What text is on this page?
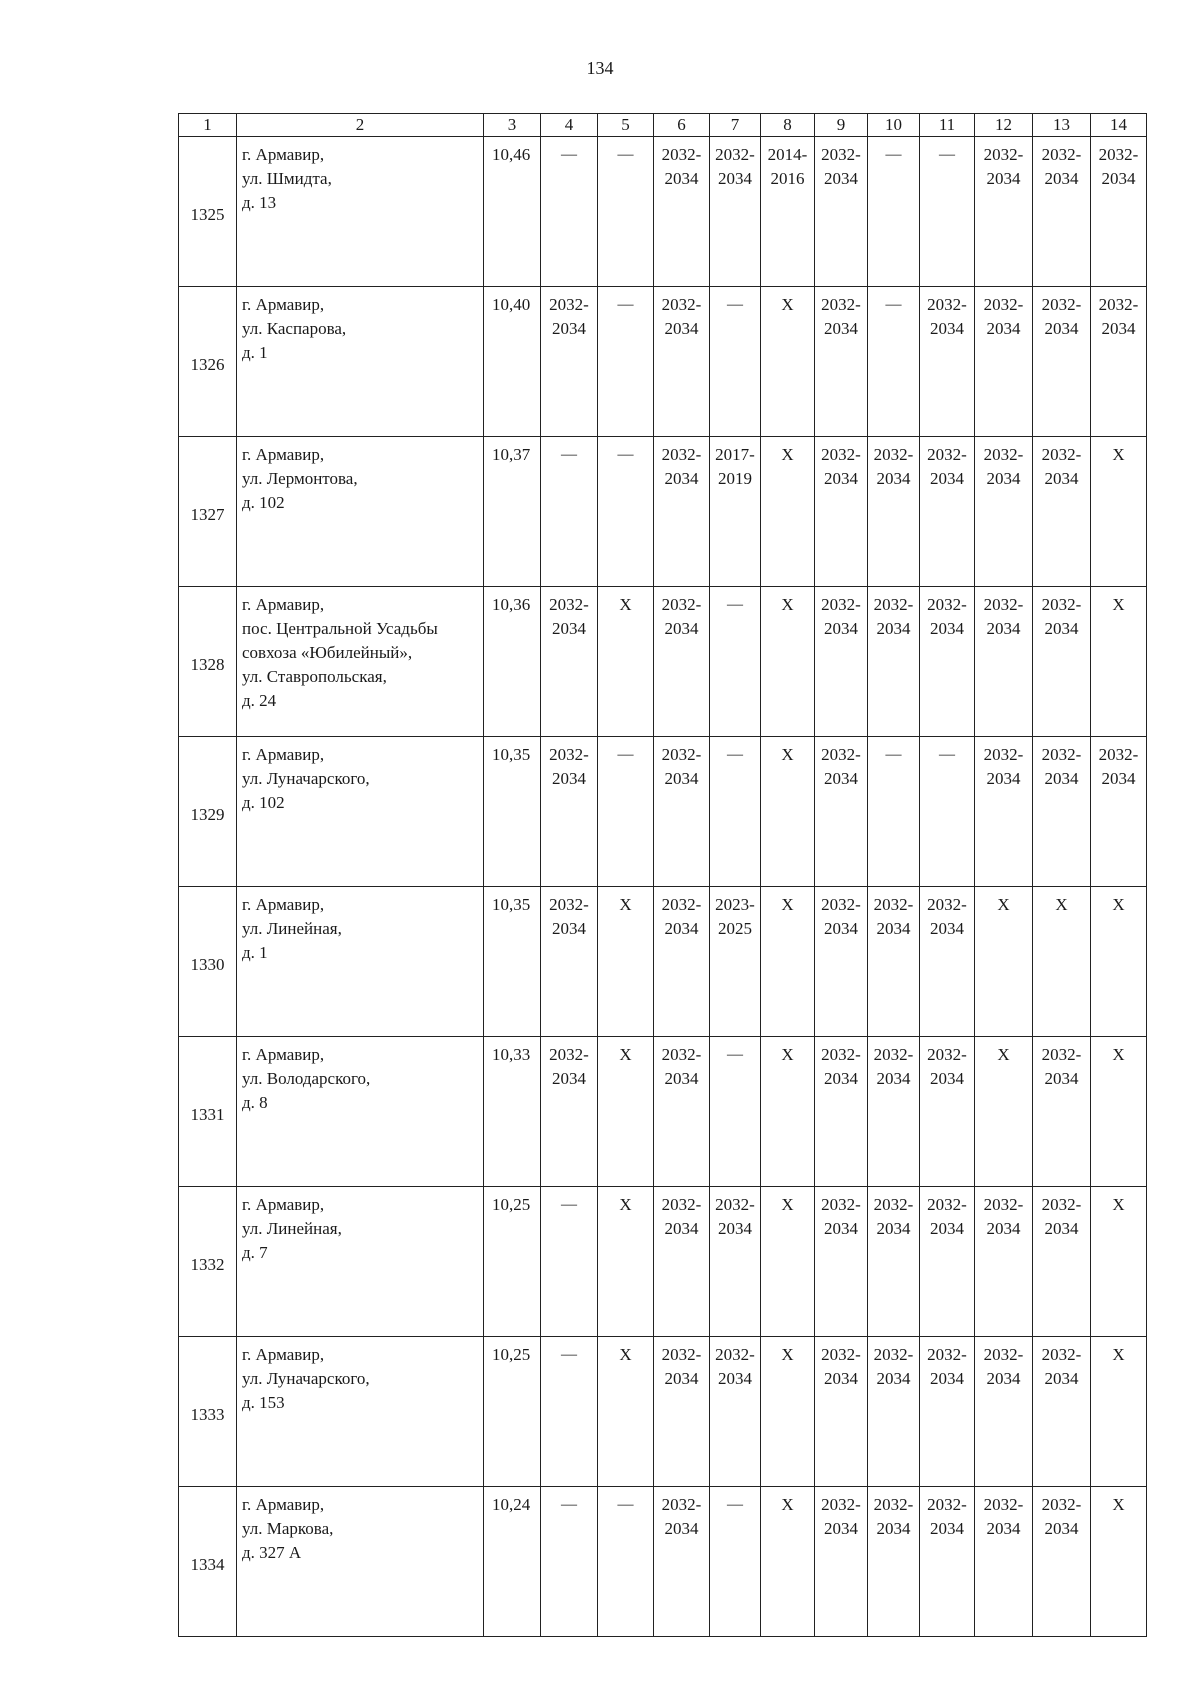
134
1	2	3	4	5	6	7	8	9	10	11	12	13	14
1325	г. Армавир,
ул. Шмидта,
д. 13	10,46	—	—	2032-
2034	2032-
2034	2014-
2016	2032-
2034	—	—	2032-
2034	2032-
2034	2032-
2034

1326	г. Армавир,
ул. Каспарова,
д. 1	10,40	2032-
2034	—	2032-
2034	—	Х	2032-
2034	—	2032-
2034	2032-
2034	2032-
2034	2032-
2034

1327	г. Армавир,
ул. Лермонтова,
д. 102	10,37	—	—	2032-
2034	2017-
2019	Х	2032-
2034	2032-
2034	2032-
2034	2032-
2034	2032-
2034	Х

1328	г. Армавир,
пос. Центральной Усадьбы
совхоза «Юбилейный»,
ул. Ставропольская,
д. 24	10,36	2032-
2034	Х	2032-
2034	—	Х	2032-
2034	2032-
2034	2032-
2034	2032-
2034	2032-
2034	Х

1329	г. Армавир,
ул. Луначарского,
д. 102	10,35	2032-
2034	—	2032-
2034	—	Х	2032-
2034	—	—	2032-
2034	2032-
2034	2032-
2034

1330	г. Армавир,
ул. Линейная,
д. 1	10,35	2032-
2034	Х	2032-
2034	2023-
2025	Х	2032-
2034	2032-
2034	2032-
2034	Х	Х	Х

1331	г. Армавир,
ул. Володарского,
д. 8	10,33	2032-
2034	Х	2032-
2034	—	Х	2032-
2034	2032-
2034	2032-
2034	Х	2032-
2034	Х

1332	г. Армавир,
ул. Линейная,
д. 7	10,25	—	Х	2032-
2034	2032-
2034	Х	2032-
2034	2032-
2034	2032-
2034	2032-
2034	2032-
2034	Х

1333	г. Армавир,
ул. Луначарского,
д. 153	10,25	—	Х	2032-
2034	2032-
2034	Х	2032-
2034	2032-
2034	2032-
2034	2032-
2034	2032-
2034	Х

1334	г. Армавир,
ул. Маркова,
д. 327 А	10,24	—	—	2032-
2034	—	Х	2032-
2034	2032-
2034	2032-
2034	2032-
2034	2032-
2034	Х
